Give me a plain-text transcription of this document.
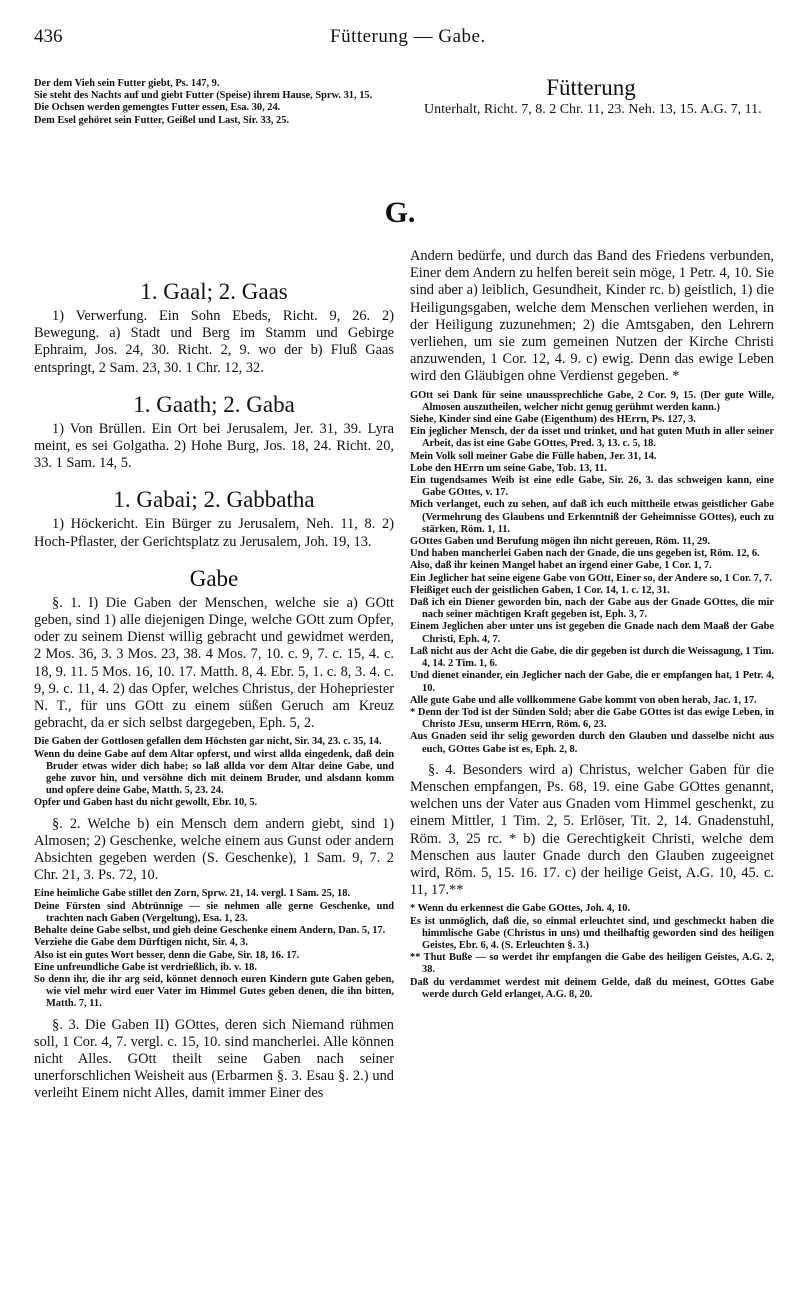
436	Fütterung — Gabe.

Der dem Vieh sein Futter giebt, Ps. 147, 9.

Sie steht des Nachts auf und giebt Futter (Speise) ihrem Hause, Sprw. 31, 15.

Die Ochsen werden gemengtes Futter essen, Esa. 30, 24.

Dem Esel gehöret sein Futter, Geißel und Last, Sir. 33, 25.

Fütterung
Unterhalt, Richt. 7, 8. 2 Chr. 11, 23. Neh. 13, 15. A.G. 7, 11.
G.
1. Gaal; 2. Gaas

1) Verwerfung. Ein Sohn Ebeds, Richt. 9, 26. 2) Bewegung. a) Stadt und Berg im Stamm und Gebirge Ephraim, Jos. 24, 30. Richt. 2, 9. wo der b) Fluß Gaas entspringt, 2 Sam. 23, 30. 1 Chr. 12, 32.

1. Gaath; 2. Gaba

1) Von Brüllen. Ein Ort bei Jerusalem, Jer. 31, 39. Lyra meint, es sei Golgatha. 2) Hohe Burg, Jos. 18, 24. Richt. 20, 33. 1 Sam. 14, 5.

1. Gabai; 2. Gabbatha

1) Höckericht. Ein Bürger zu Jerusalem, Neh. 11, 8. 2) Hoch-Pflaster, der Gerichtsplatz zu Jerusalem, Joh. 19, 13.

Gabe

§. 1. I) Die Gaben der Menschen, welche sie a) GOtt geben, sind 1) alle diejenigen Dinge, welche GOtt zum Opfer, oder zu seinem Dienst willig gebracht und gewidmet werden, 2 Mos. 36, 3. 3 Mos. 23, 38. 4 Mos. 7, 10. c. 9, 7. c. 15, 4. c. 18, 9. 11. 5 Mos. 16, 10. 17. Matth. 8, 4. Ebr. 5, 1. c. 8, 3. 4. c. 9, 9. c. 11, 4. 2) das Opfer, welches Christus, der Hohepriester N. T., für uns GOtt zu einem süßen Geruch am Kreuz gebracht, da er sich selbst dargegeben, Eph. 5, 2.

Die Gaben der Gottlosen gefallen dem Höchsten gar nicht, Sir. 34, 23. c. 35, 14.

Wenn du deine Gabe auf dem Altar opferst, und wirst allda eingedenk, daß dein Bruder etwas wider dich habe; so laß allda vor dem Altar deine Gabe, und gehe zuvor hin, und versöhne dich mit deinem Bruder, und alsdann komm und opfere deine Gabe, Matth. 5, 23. 24.

Opfer und Gaben hast du nicht gewollt, Ebr. 10, 5.

§. 2. Welche b) ein Mensch dem andern giebt, sind 1) Almosen; 2) Geschenke, welche einem aus Gunst oder andern Absichten gegeben werden (S. Geschenke), 1 Sam. 9, 7. 2 Chr. 21, 3. Ps. 72, 10.

Eine heimliche Gabe stillet den Zorn, Sprw. 21, 14. vergl. 1 Sam. 25, 18.

Deine Fürsten sind Abtrünnige — sie nehmen alle gerne Geschenke, und trachten nach Gaben (Vergeltung), Esa. 1, 23.

Behalte deine Gabe selbst, und gieb deine Geschenke einem Andern, Dan. 5, 17.

Verziehe die Gabe dem Dürftigen nicht, Sir. 4, 3.

Also ist ein gutes Wort besser, denn die Gabe, Sir. 18, 16. 17.

Eine unfreundliche Gabe ist verdrießlich, ib. v. 18.

So denn ihr, die ihr arg seid, könnet dennoch euren Kindern gute Gaben geben, wie viel mehr wird euer Vater im Himmel Gutes geben denen, die ihn bitten, Matth. 7, 11.

§. 3. Die Gaben II) GOttes, deren sich Niemand rühmen soll, 1 Cor. 4, 7. vergl. c. 15, 10. sind mancherlei. Alle können nicht Alles. GOtt theilt seine Gaben nach seiner unerforschlichen Weisheit aus (Erbarmen §. 3. Esau §. 2.) und verleiht Einem nicht Alles, damit immer Einer des

Andern bedürfe, und durch das Band des Friedens verbunden, Einer dem Andern zu helfen bereit sein möge, 1 Petr. 4, 10. Sie sind aber a) leiblich, Gesundheit, Kinder rc. b) geistlich, 1) die Heiligungsgaben, welche dem Menschen verliehen werden, in der Heiligung zuzunehmen; 2) die Amtsgaben, den Lehrern verliehen, um sie zum gemeinen Nutzen der Kirche Christi anzuwenden, 1 Cor. 12, 4. 9. c) ewig. Denn das ewige Leben wird den Gläubigen ohne Verdienst gegeben. *

GOtt sei Dank für seine unaussprechliche Gabe, 2 Cor. 9, 15. (Der gute Wille, Almosen auszutheilen, welcher nicht genug gerühmt werden kann.)

Siehe, Kinder sind eine Gabe (Eigenthum) des HErrn, Ps. 127, 3.

Ein jeglicher Mensch, der da isset und trinket, und hat guten Muth in aller seiner Arbeit, das ist eine Gabe GOttes, Pred. 3, 13. c. 5, 18.

Mein Volk soll meiner Gabe die Fülle haben, Jer. 31, 14.

Lobe den HErrn um seine Gabe, Tob. 13, 11.

Ein tugendsames Weib ist eine edle Gabe, Sir. 26, 3. das schweigen kann, eine Gabe GOttes, v. 17.

Mich verlanget, euch zu sehen, auf daß ich euch mittheile etwas geistlicher Gabe (Vermehrung des Glaubens und Erkenntniß der Geheimnisse GOttes), euch zu stärken, Röm. 1, 11.

GOttes Gaben und Berufung mögen ihn nicht gereuen, Röm. 11, 29.

Und haben mancherlei Gaben nach der Gnade, die uns gegeben ist, Röm. 12, 6.

Also, daß ihr keinen Mangel habet an irgend einer Gabe, 1 Cor. 1, 7.

Ein Jeglicher hat seine eigene Gabe von GOtt, Einer so, der Andere so, 1 Cor. 7, 7.

Fleißiget euch der geistlichen Gaben, 1 Cor. 14, 1. c. 12, 31.

Daß ich ein Diener geworden bin, nach der Gabe aus der Gnade GOttes, die mir nach seiner mächtigen Kraft gegeben ist, Eph. 3, 7.

Einem Jeglichen aber unter uns ist gegeben die Gnade nach dem Maaß der Gabe Christi, Eph. 4, 7.

Laß nicht aus der Acht die Gabe, die dir gegeben ist durch die Weissagung, 1 Tim. 4, 14. 2 Tim. 1, 6.

Und dienet einander, ein Jeglicher nach der Gabe, die er empfangen hat, 1 Petr. 4, 10.

Alle gute Gabe und alle vollkommene Gabe kommt von oben herab, Jac. 1, 17.

* Denn der Tod ist der Sünden Sold; aber die Gabe GOttes ist das ewige Leben, in Christo JEsu, unserm HErrn, Röm. 6, 23.

Aus Gnaden seid ihr selig geworden durch den Glauben und dasselbe nicht aus euch, GOttes Gabe ist es, Eph. 2, 8.

§. 4. Besonders wird a) Christus, welcher Gaben für die Menschen empfangen, Ps. 68, 19. eine Gabe GOttes genannt, welchen uns der Vater aus Gnaden vom Himmel geschenkt, zu einem Mittler, 1 Tim. 2, 5. Erlöser, Tit. 2, 14. Gnadenstuhl, Röm. 3, 25 rc. * b) die Gerechtigkeit Christi, welche dem Menschen aus lauter Gnade durch den Glauben zugeeignet wird, Röm. 5, 15. 16. 17. c) der heilige Geist, A.G. 10, 45. c. 11, 17.**

* Wenn du erkennest die Gabe GOttes, Joh. 4, 10.

Es ist unmöglich, daß die, so einmal erleuchtet sind, und geschmeckt haben die himmlische Gabe (Christus in uns) und theilhaftig geworden sind des heiligen Geistes, Ebr. 6, 4. (S. Erleuchten §. 3.)

** Thut Buße — so werdet ihr empfangen die Gabe des heiligen Geistes, A.G. 2, 38.

Daß du verdammet werdest mit deinem Gelde, daß du meinest, GOttes Gabe werde durch Geld erlanget, A.G. 8, 20.
